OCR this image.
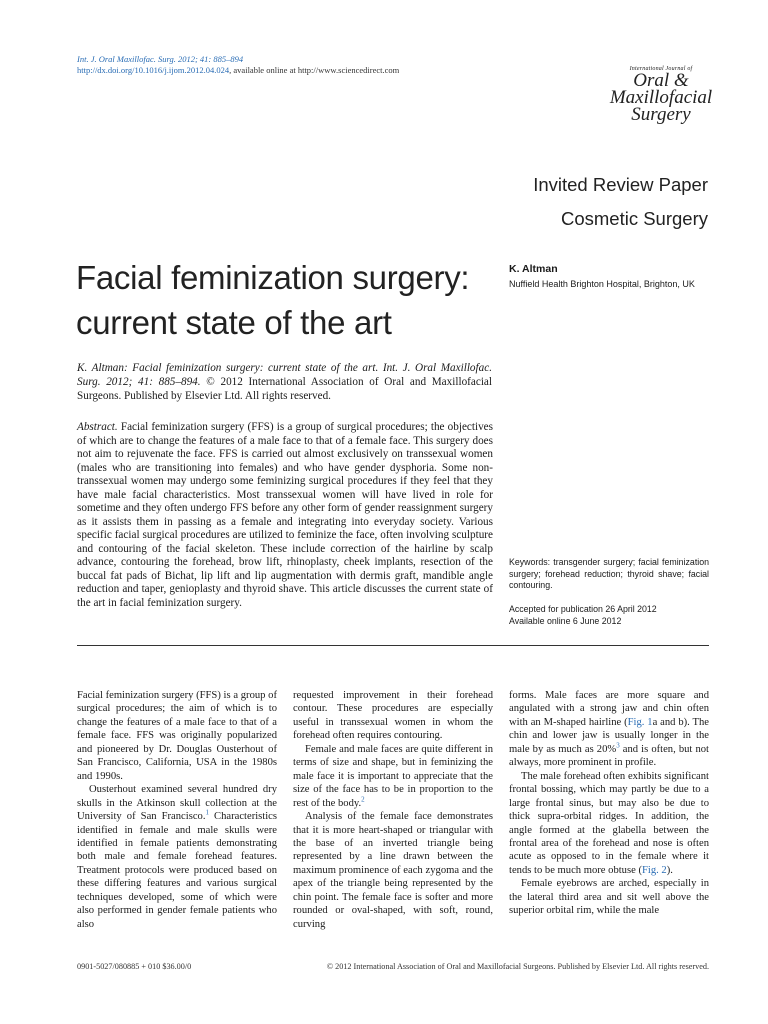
Int. J. Oral Maxillofac. Surg. 2012; 41: 885–894
http://dx.doi.org/10.1016/j.ijom.2012.04.024, available online at http://www.sciencedirect.com	International Journal of
Oral &
Maxillofacial
Surgery
Invited Review Paper
Cosmetic Surgery
Facial feminization surgery:
current state of the art
K. Altman
Nuffield Health Brighton Hospital, Brighton, UK
K. Altman: Facial feminization surgery: current state of the art. Int. J. Oral Maxillofac. Surg. 2012; 41: 885–894. © 2012 International Association of Oral and Maxillofacial Surgeons. Published by Elsevier Ltd. All rights reserved.
Abstract. Facial feminization surgery (FFS) is a group of surgical procedures; the objectives of which are to change the features of a male face to that of a female face. This surgery does not aim to rejuvenate the face. FFS is carried out almost exclusively on transsexual women (males who are transitioning into females) and who have gender dysphoria. Some non-transsexual women may undergo some feminizing surgical procedures if they feel that they have male facial characteristics. Most transsexual women will have lived in role for sometime and they often undergo FFS before any other form of gender reassignment surgery as it assists them in passing as a female and integrating into everyday society. Various specific facial surgical procedures are utilized to feminize the face, often involving sculpture and contouring of the facial skeleton. These include correction of the hairline by scalp advance, contouring the forehead, brow lift, rhinoplasty, cheek implants, resection of the buccal fat pads of Bichat, lip lift and lip augmentation with dermis graft, mandible angle reduction and taper, genioplasty and thyroid shave. This article discusses the current state of the art in facial feminization surgery.
Keywords: transgender surgery; facial feminization surgery; forehead reduction; thyroid shave; facial contouring.
Accepted for publication 26 April 2012
Available online 6 June 2012

Facial feminization surgery (FFS) is a group of surgical procedures; the aim of which is to change the features of a male face to that of a female face. FFS was originally popularized and pioneered by Dr. Douglas Ousterhout of San Francisco, California, USA in the 1980s and 1990s.

Ousterhout examined several hundred dry skulls in the Atkinson skull collection at the University of San Francisco.$^1$ Characteristics identified in female and male skulls were identified in female patients demonstrating both male and female forehead features. Treatment protocols were produced based on these differing features and various surgical techniques developed, some of which were also performed in gender female patients who also

requested improvement in their forehead contour. These procedures are especially useful in transsexual women in whom the forehead often requires contouring.

Female and male faces are quite different in terms of size and shape, but in feminizing the male face it is important to appreciate that the size of the face has to be in proportion to the rest of the body.$^2$

Analysis of the female face demonstrates that it is more heart-shaped or triangular with the base of an inverted triangle being represented by a line drawn between the maximum prominence of each zygoma and the apex of the triangle being represented by the chin point. The female face is softer and more rounded or oval-shaped, with soft, round, curving

forms. Male faces are more square and angulated with a strong jaw and chin often with an M-shaped hairline (Fig. 1a and b). The chin and lower jaw is usually longer in the male by as much as 20%$^3$ and is often, but not always, more prominent in profile.

The male forehead often exhibits significant frontal bossing, which may partly be due to a large frontal sinus, but may also be due to thick supra-orbital ridges. In addition, the angle formed at the glabella between the frontal area of the forehead and nose is often acute as opposed to in the female where it tends to be much more obtuse (Fig. 2).

Female eyebrows are arched, especially in the lateral third area and sit well above the superior orbital rim, while the male

0901-5027/080885 + 010 $36.00/0	© 2012 International Association of Oral and Maxillofacial Surgeons. Published by Elsevier Ltd. All rights reserved.
